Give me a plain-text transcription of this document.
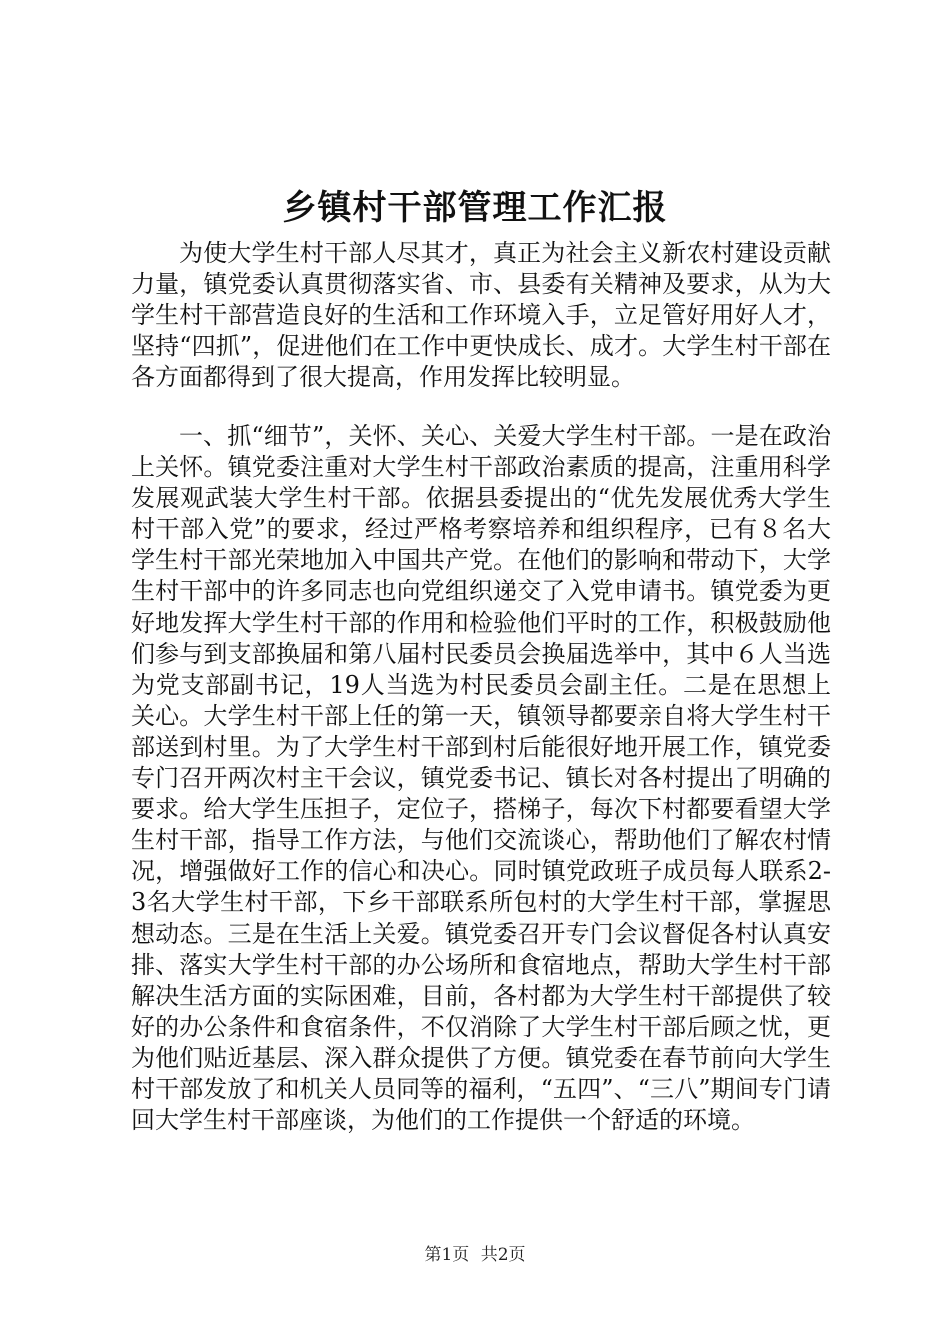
乡镇村干部管理工作汇报

为使大学生村干部人尽其才，真正为社会主义新农村建设贡献力量，镇党委认真贯彻落实省、市、县委有关精神及要求，从为大学生村干部营造良好的生活和工作环境入手，立足管好用好人才，坚持“四抓”，促进他们在工作中更快成长、成才。大学生村干部在各方面都得到了很大提高，作用发挥比较明显。

一、抓“细节”，关怀、关心、关爱大学生村干部。一是在政治上关怀。镇党委注重对大学生村干部政治素质的提高，注重用科学发展观武装大学生村干部。依据县委提出的“优先发展优秀大学生村干部入党”的要求，经过严格考察培养和组织程序，已有８名大学生村干部光荣地加入中国共产党。在他们的影响和带动下，大学生村干部中的许多同志也向党组织递交了入党申请书。镇党委为更好地发挥大学生村干部的作用和检验他们平时的工作，积极鼓励他们参与到支部换届和第八届村民委员会换届选举中，其中６人当选为党支部副书记，19人当选为村民委员会副主任。二是在思想上关心。大学生村干部上任的第一天，镇领导都要亲自将大学生村干部送到村里。为了大学生村干部到村后能很好地开展工作，镇党委专门召开两次村主干会议，镇党委书记、镇长对各村提出了明确的要求。给大学生压担子，定位子，搭梯子，每次下村都要看望大学生村干部，指导工作方法，与他们交流谈心，帮助他们了解农村情况，增强做好工作的信心和决心。同时镇党政班子成员每人联系2-3名大学生村干部，下乡干部联系所包村的大学生村干部，掌握思想动态。三是在生活上关爱。镇党委召开专门会议督促各村认真安排、落实大学生村干部的办公场所和食宿地点，帮助大学生村干部解决生活方面的实际困难，目前，各村都为大学生村干部提供了较好的办公条件和食宿条件，不仅消除了大学生村干部后顾之忧，更为他们贴近基层、深入群众提供了方便。镇党委在春节前向大学生村干部发放了和机关人员同等的福利，“五四”、“三八”期间专门请回大学生村干部座谈，为他们的工作提供一个舒适的环境。

第1页 共2页
